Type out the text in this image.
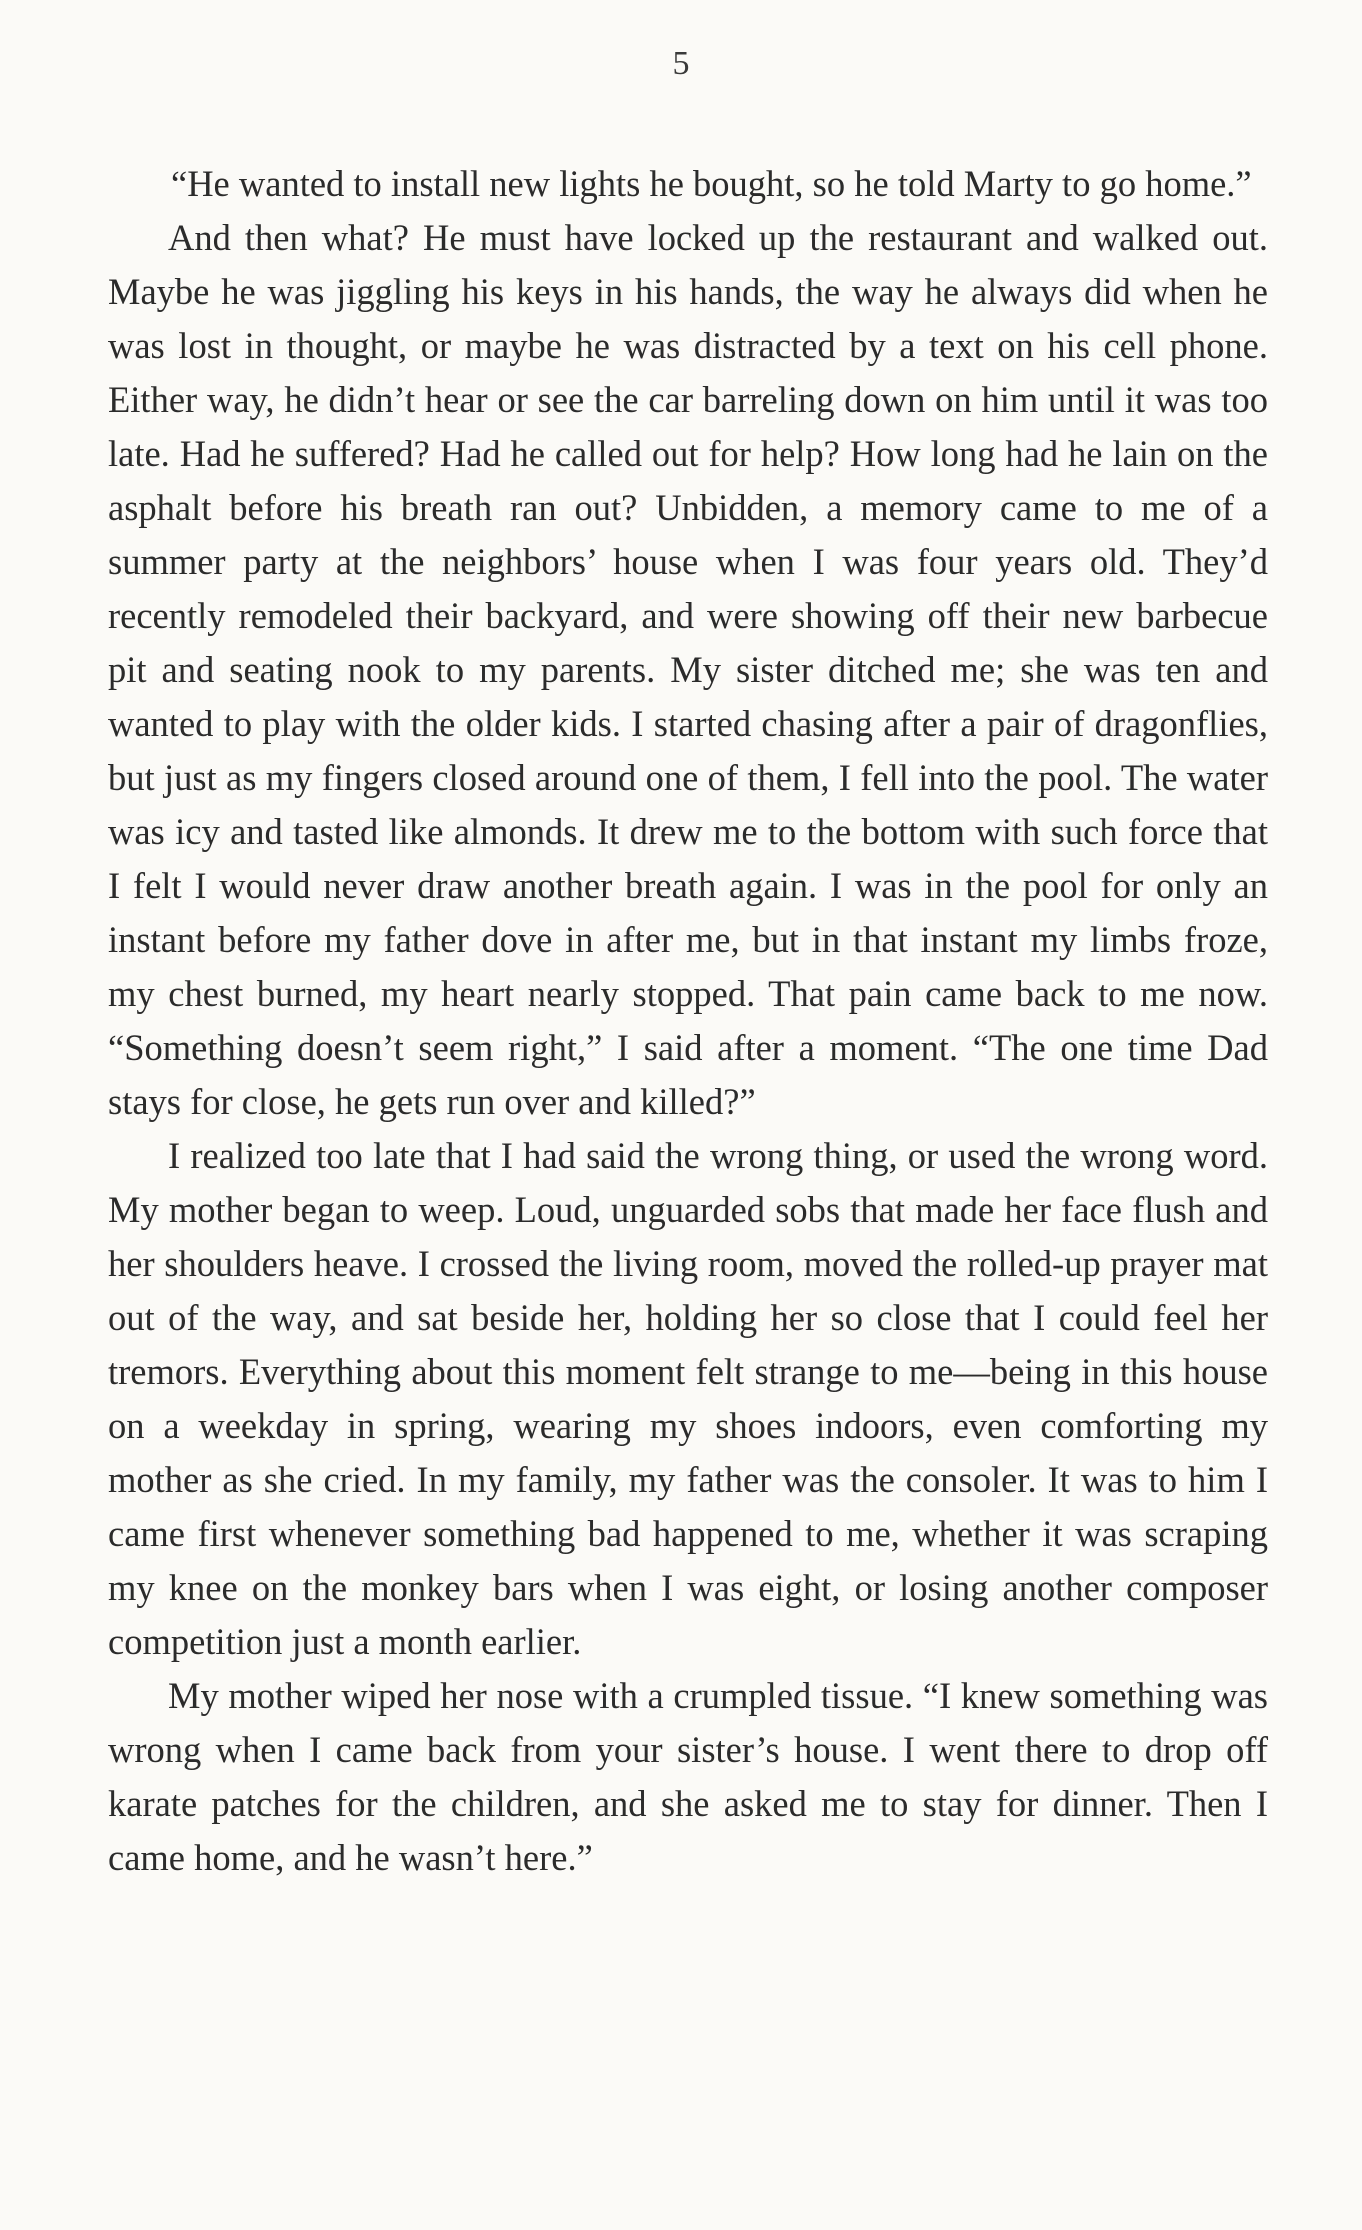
5

“He wanted to install new lights he bought, so he told Marty to go home.”

And then what? He must have locked up the restaurant and walked out. Maybe he was jiggling his keys in his hands, the way he always did when he was lost in thought, or maybe he was distracted by a text on his cell phone. Either way, he didn’t hear or see the car barreling down on him until it was too late. Had he suffered? Had he called out for help? How long had he lain on the asphalt before his breath ran out? Unbidden, a memory came to me of a summer party at the neighbors’ house when I was four years old. They’d recently remodeled their backyard, and were showing off their new barbecue pit and seating nook to my parents. My sister ditched me; she was ten and wanted to play with the older kids. I started chasing after a pair of dragonflies, but just as my fingers closed around one of them, I fell into the pool. The water was icy and tasted like almonds. It drew me to the bottom with such force that I felt I would never draw another breath again. I was in the pool for only an instant before my father dove in after me, but in that instant my limbs froze, my chest burned, my heart nearly stopped. That pain came back to me now. “Something doesn’t seem right,” I said after a moment. “The one time Dad stays for close, he gets run over and killed?”

I realized too late that I had said the wrong thing, or used the wrong word. My mother began to weep. Loud, unguarded sobs that made her face flush and her shoulders heave. I crossed the living room, moved the rolled-up prayer mat out of the way, and sat beside her, holding her so close that I could feel her tremors. Everything about this moment felt strange to me—being in this house on a weekday in spring, wearing my shoes indoors, even comforting my mother as she cried. In my family, my father was the consoler. It was to him I came first whenever something bad happened to me, whether it was scraping my knee on the monkey bars when I was eight, or losing another composer competition just a month earlier.

My mother wiped her nose with a crumpled tissue. “I knew something was wrong when I came back from your sister’s house. I went there to drop off karate patches for the children, and she asked me to stay for dinner. Then I came home, and he wasn’t here.”
